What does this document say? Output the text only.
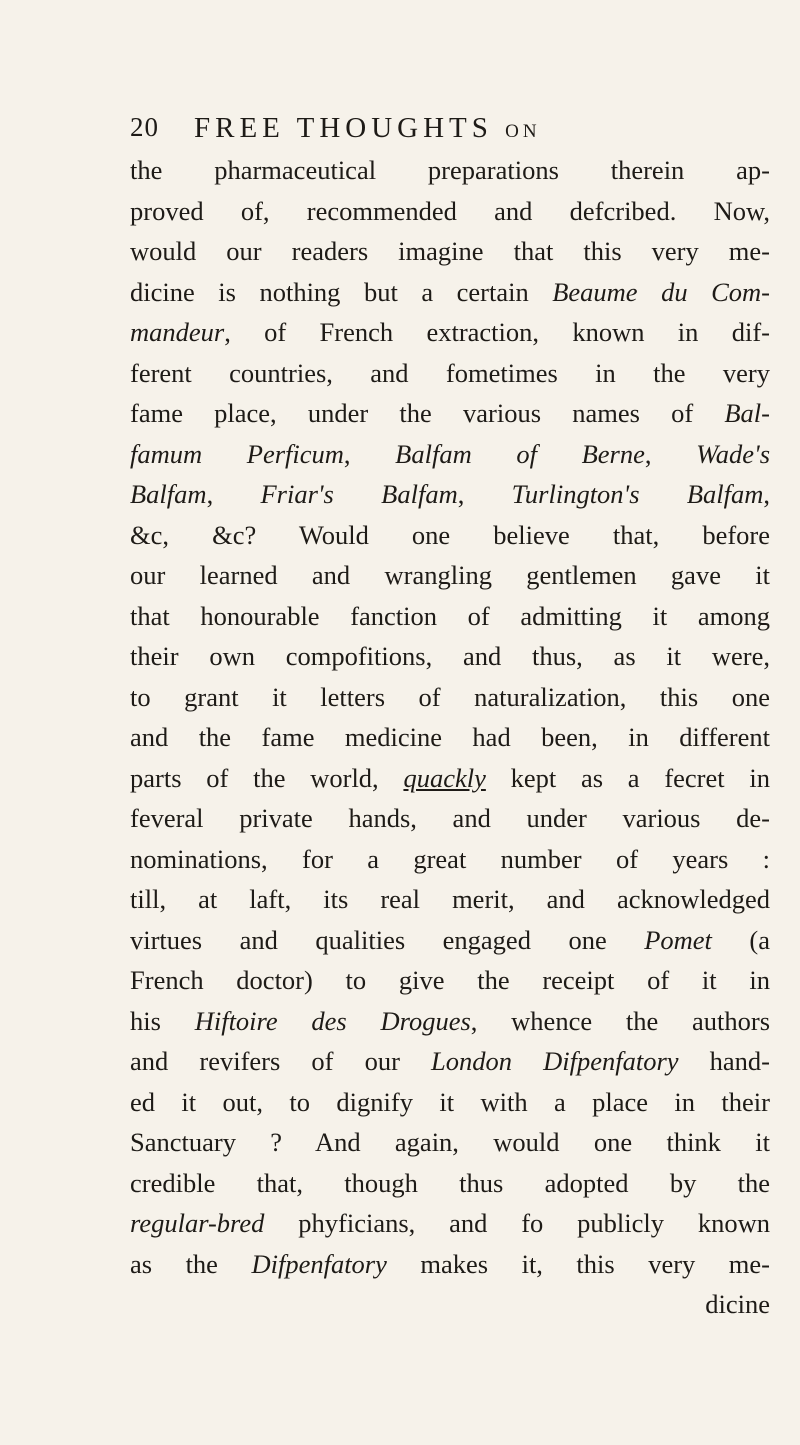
20 FREE THOUGHTS ON
the pharmaceutical preparations therein ap-
proved of, recommended and defcribed. Now,
would our readers imagine that this very me-
dicine is nothing but a certain Beaume du Com-
mandeur, of French extraction, known in dif-
ferent countries, and fometimes in the very
fame place, under the various names of Bal-
famum Perficum, Balfam of Berne, Wade's
Balfam, Friar's Balfam, Turlington's Balfam,
&c, &c? Would one believe that, before
our learned and wrangling gentlemen gave it
that honourable fanction of admitting it among
their own compofitions, and thus, as it were,
to grant it letters of naturalization, this one
and the fame medicine had been, in different
parts of the world, quackly kept as a fecret in
feveral private hands, and under various de-
nominations, for a great number of years :
till, at laft, its real merit, and acknowledged
virtues and qualities engaged one Pomet (a
French doctor) to give the receipt of it in
his Hiftoire des Drogues, whence the authors
and revifers of our London Difpenfatory hand-
ed it out, to dignify it with a place in their
Sanctuary ? And again, would one think it
credible that, though thus adopted by the
regular-bred phyficians, and fo publicly known
as the Difpenfatory makes it, this very me-
dicine
